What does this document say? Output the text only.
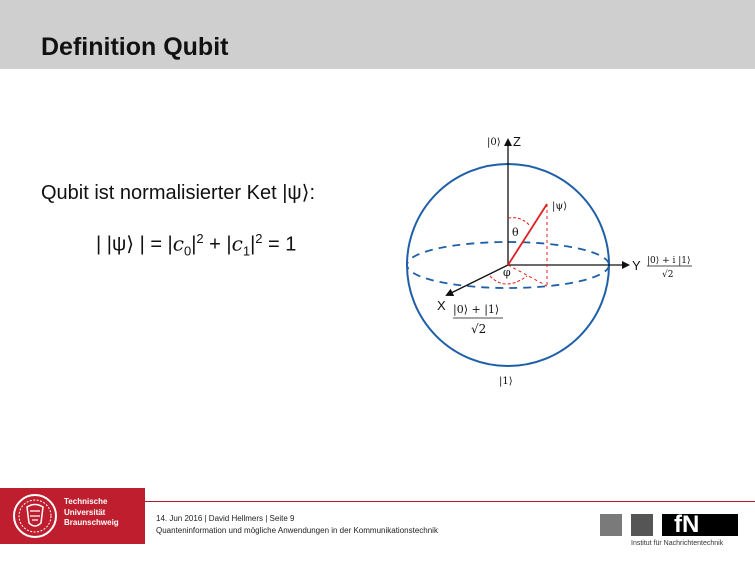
Definition Qubit
Qubit ist normalisierter Ket |ψ⟩:
| |ψ⟩ | = $|c_0|^2 + |c_1|^2 = 1$
|0⟩ Z
|ψ⟩
θ
φ	Y |0⟩ + i |1⟩
√2
X |0⟩ + |1⟩
√2
|1⟩
Technische
Universität
Braunschweig	14. Jun 2016 | David Hellmers | Seite 9
Quanteninformation und mögliche Anwendungen in der Kommunikationstechnik	fN
Institut für Nachrichtentechnik
